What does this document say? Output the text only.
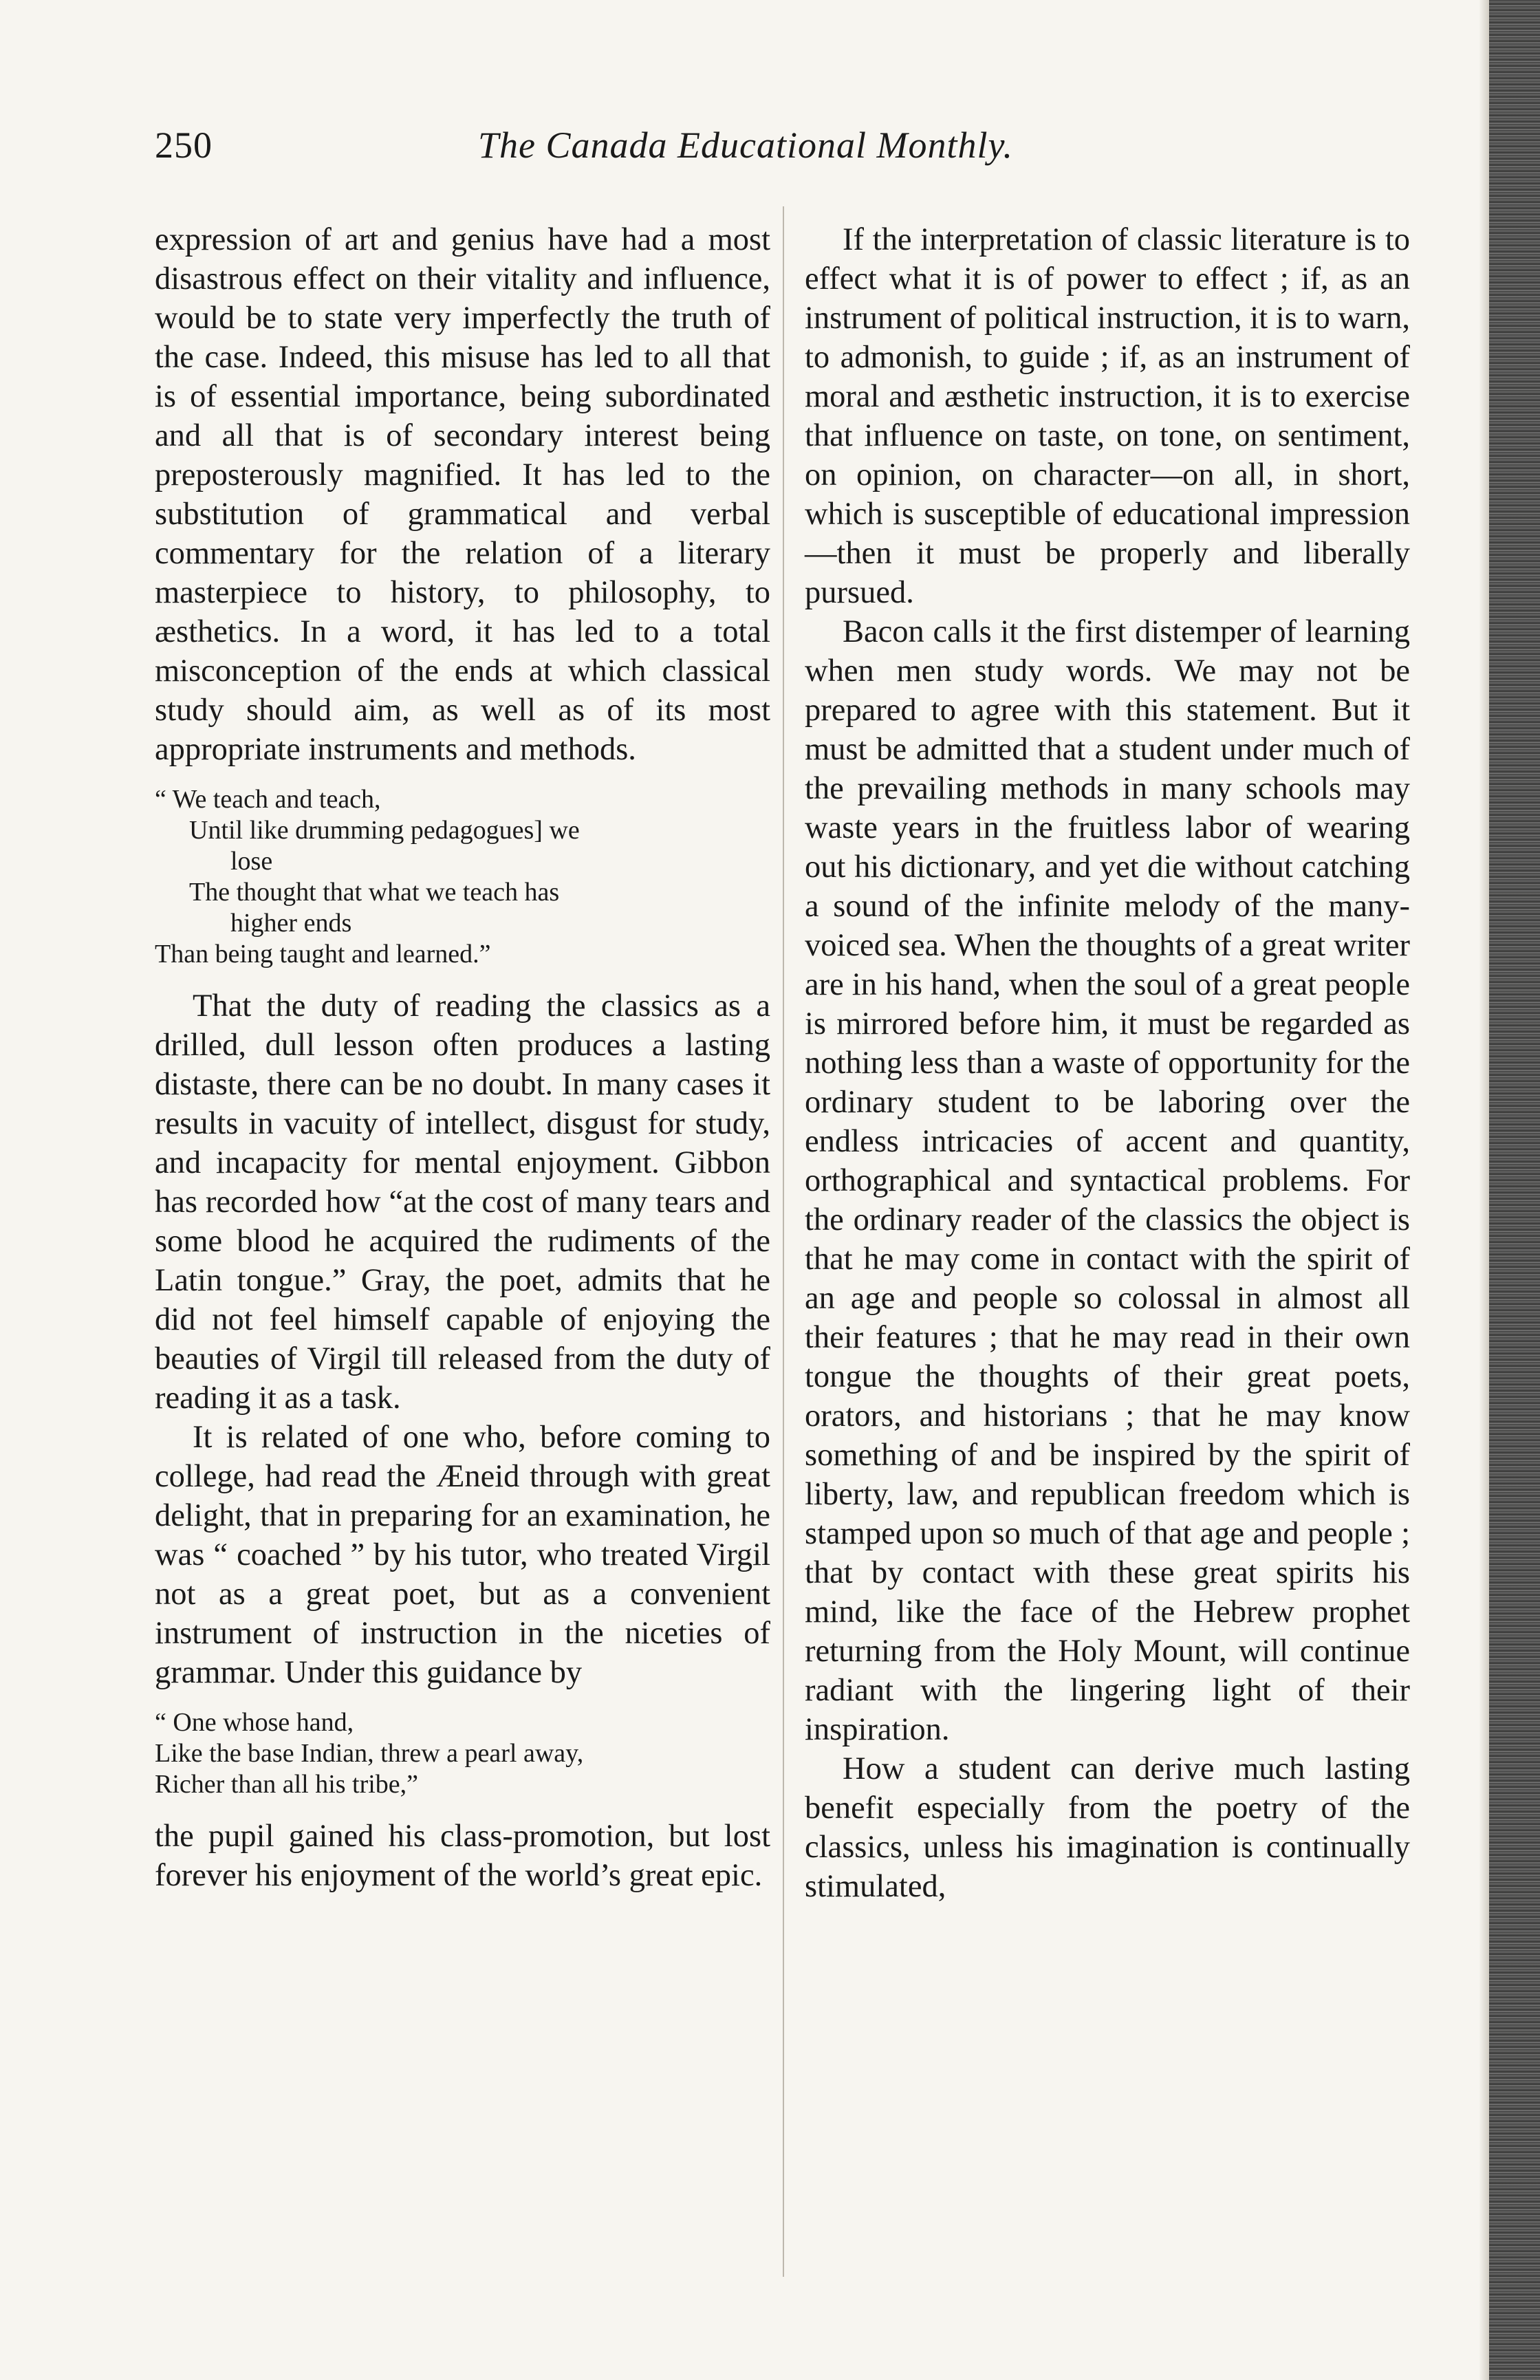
250	The Canada Educational Monthly.

expression of art and genius have had a most disastrous effect on their vitality and influence, would be to state very imperfectly the truth of the case. Indeed, this misuse has led to all that is of essential importance, being subordinated and all that is of secondary interest being preposterously magnified. It has led to the substitution of grammatical and verbal commentary for the relation of a literary masterpiece to history, to philosophy, to æsthetics. In a word, it has led to a total misconception of the ends at which classical study should aim, as well as of its most appropriate instruments and methods.

“ We teach and teach,

Until like drumming pedagogues] we

lose

The thought that what we teach has

higher ends

Than being taught and learned.”

That the duty of reading the classics as a drilled, dull lesson often produces a lasting distaste, there can be no doubt. In many cases it results in vacuity of intellect, disgust for study, and incapacity for mental enjoyment. Gibbon has recorded how “at the cost of many tears and some blood he acquired the rudiments of the Latin tongue.” Gray, the poet, admits that he did not feel himself capable of enjoying the beauties of Virgil till released from the duty of reading it as a task.

It is related of one who, before coming to college, had read the Æneid through with great delight, that in preparing for an examination, he was “ coached ” by his tutor, who treated Virgil not as a great poet, but as a convenient instrument of instruction in the niceties of grammar. Under this guidance by

“ One whose hand,

Like the base Indian, threw a pearl away,

Richer than all his tribe,”

the pupil gained his class-promotion, but lost forever his enjoyment of the world’s great epic.

If the interpretation of classic literature is to effect what it is of power to effect ; if, as an instrument of political instruction, it is to warn, to admonish, to guide ; if, as an instrument of moral and æsthetic instruction, it is to exercise that influence on taste, on tone, on sentiment, on opinion, on character—on all, in short, which is susceptible of educational impression —then it must be properly and liberally pursued.

Bacon calls it the first distemper of learning when men study words. We may not be prepared to agree with this statement. But it must be admitted that a student under much of the prevailing methods in many schools may waste years in the fruitless labor of wearing out his dictionary, and yet die without catching a sound of the infinite melody of the many-voiced sea. When the thoughts of a great writer are in his hand, when the soul of a great people is mirrored before him, it must be regarded as nothing less than a waste of opportunity for the ordinary student to be laboring over the endless intricacies of accent and quantity, orthographical and syntactical problems. For the ordinary reader of the classics the object is that he may come in contact with the spirit of an age and people so colossal in almost all their features ; that he may read in their own tongue the thoughts of their great poets, orators, and historians ; that he may know something of and be inspired by the spirit of liberty, law, and republican freedom which is stamped upon so much of that age and people ; that by contact with these great spirits his mind, like the face of the Hebrew prophet returning from the Holy Mount, will continue radiant with the lingering light of their inspiration.

How a student can derive much lasting benefit especially from the poetry of the classics, unless his imagination is continually stimulated,
